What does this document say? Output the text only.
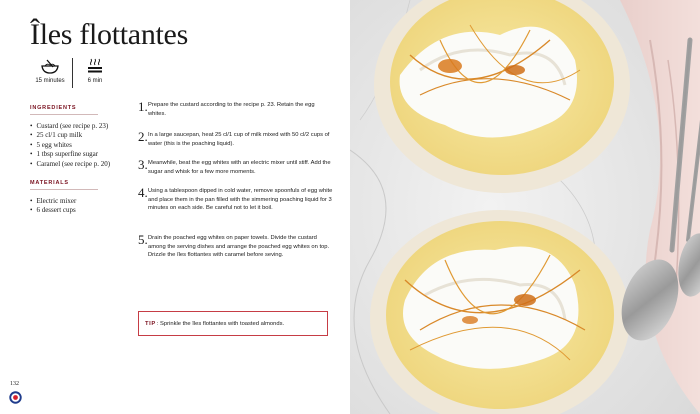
Îles flottantes
15 minutes	6 min
INGREDIENTS
• Custard (see recipe p. 23)
• 25 cl/1 cup milk
• 5 egg whites
• 1 tbsp superfine sugar
• Caramel (see recipe p. 20)
MATERIALS
• Electric mixer
• 6 dessert cups
1. Prepare the custard according to the recipe p. 23. Retain the egg whites.
2. In a large saucepan, heat 25 cl/1 cup of milk mixed with 50 cl/2 cups of water (this is the poaching liquid).
3. Meanwhile, beat the egg whites with an electric mixer until stiff. Add the sugar and whisk for a few more moments.
4. Using a tablespoon dipped in cold water, remove spoonfuls of egg white and place them in the pan filled with the simmering poaching liquid for 3 minutes on each side. Be careful not to let it boil.
5. Drain the poached egg whites on paper towels. Divide the custard among the serving dishes and arrange the poached egg whites on top. Drizzle the îles flottantes with caramel before seving.
TIP : Sprinkle the îles flottantes with toasted almonds.
132
